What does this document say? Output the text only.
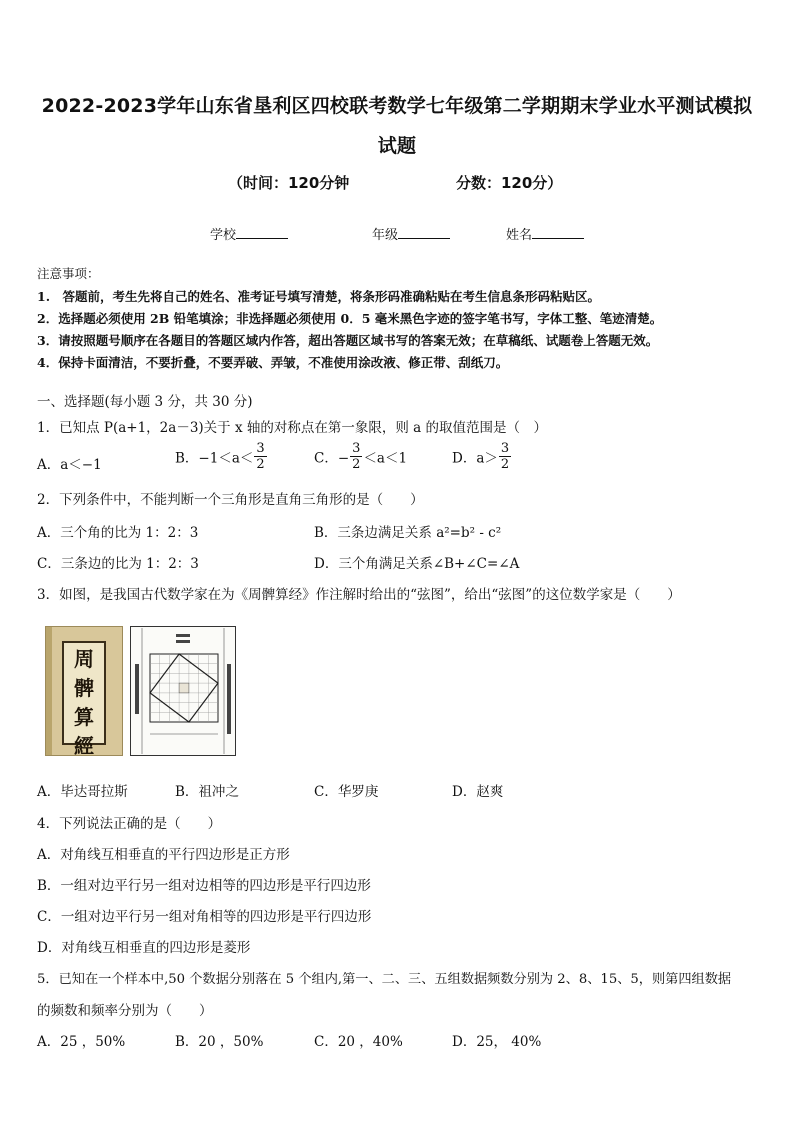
2022-2023学年山东省垦利区四校联考数学七年级第二学期期末学业水平测试模拟试题
（时间：120分钟	分数：120分）
学校	年级	姓名
注意事项：
1.　答题前，考生先将自己的姓名、准考证号填写清楚，将条形码准确粘贴在考生信息条形码粘贴区。
2．选择题必须使用 2B 铅笔填涂；非选择题必须使用 0．5 毫米黑色字迹的签字笔书写，字体工整、笔迹清楚。
3．请按照题号顺序在各题目的答题区域内作答，超出答题区域书写的答案无效；在草稿纸、试题卷上答题无效。
4．保持卡面清洁，不要折叠，不要弄破、弄皱，不准使用涂改液、修正带、刮纸刀。
一、选择题(每小题 3 分，共 30 分)
1．已知点 P(a+1，2a－3)关于 x 轴的对称点在第一象限，则 a 的取值范围是（　）
A．a＜−1	B．$-1<a< \frac{3}{2}$	C．− $\frac{3}{2} <a<1$	D．$a> \frac{3}{2}$
2．下列条件中，不能判断一个三角形是直角三角形的是（　　）
A．三个角的比为 1：2：3	B．三条边满足关系 a²=b² - c²
C．三条边的比为 1：2：3	D．三个角满足关系∠B+∠C=∠A
3．如图，是我国古代数学家在为《周髀算经》作注解时给出的“弦图”，给出“弦图”的这位数学家是（　　）
周
髀
算
經
A．毕达哥拉斯	B．祖冲之	C．华罗庚	D．赵爽
4．下列说法正确的是（　　）
A．对角线互相垂直的平行四边形是正方形
B．一组对边平行另一组对边相等的四边形是平行四边形
C．一组对边平行另一组对角相等的四边形是平行四边形
D．对角线互相垂直的四边形是菱形
5．已知在一个样本中,50 个数据分别落在 5 个组内,第一、二、三、五组数据频数分别为 2、8、15、5，则第四组数据
的频数和频率分别为（　　）
A．25 ，50%	B．20 ，50%	C．20 ，40%	D．25， 40%
